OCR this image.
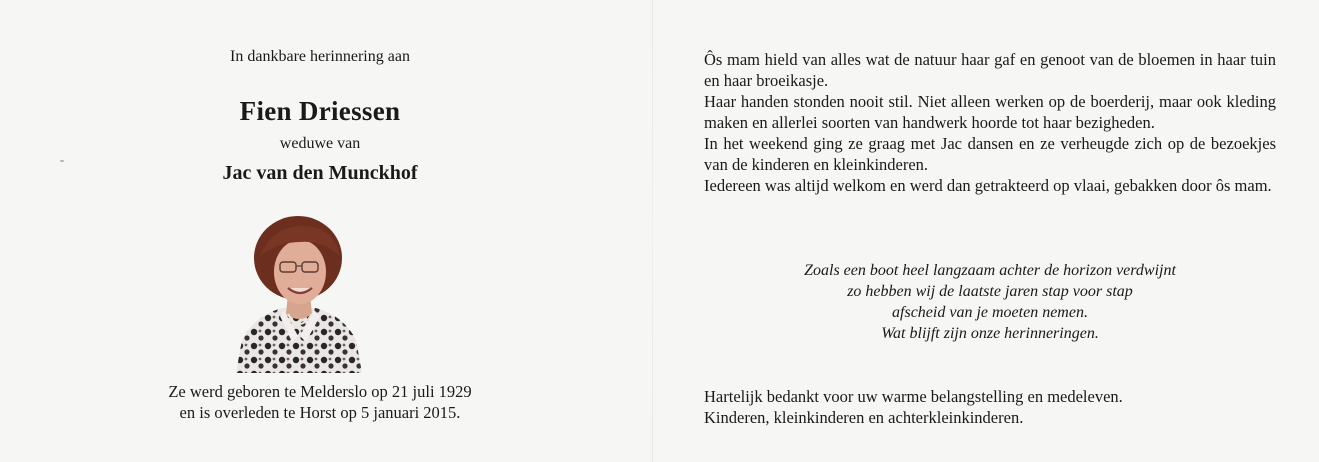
In dankbare herinnering aan
Fien Driessen
weduwe van
Jac van den Munckhof
Ze werd geboren te Melderslo op 21 juli 1929
en is overleden te Horst op 5 januari 2015.
Ôs mam hield van alles wat de natuur haar gaf en genoot van de bloemen in haar tuin en haar broeikasje.
Haar handen stonden nooit stil. Niet alleen werken op de boerderij, maar ook kleding maken en allerlei soorten van handwerk hoorde tot haar bezigheden.
In het weekend ging ze graag met Jac dansen en ze verheugde zich op de bezoekjes van de kinderen en kleinkinderen.
Iedereen was altijd welkom en werd dan getrakteerd op vlaai, gebakken door ôs mam.
Zoals een boot heel langzaam achter de horizon verdwijnt
zo hebben wij de laatste jaren stap voor stap
afscheid van je moeten nemen.
Wat blijft zijn onze herinneringen.
Hartelijk bedankt voor uw warme belangstelling en medeleven.
Kinderen, kleinkinderen en achterkleinkinderen.
